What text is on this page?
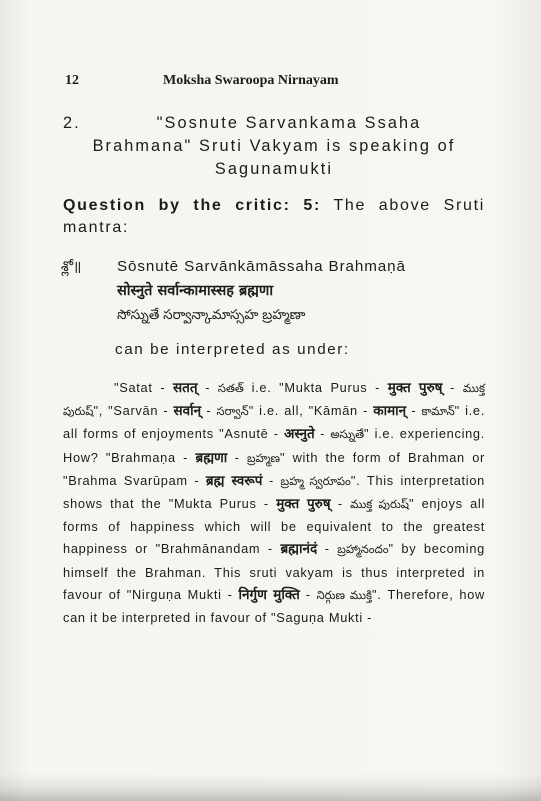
12	Moksha Swaroopa Nirnayam
2.	"Sosnute Sarvankama Ssaha
Brahmana" Sruti Vakyam is speaking of
Sagunamukti
Question by the critic: 5: The above Sruti mantra:
శ్లో॥ Sōsnutē Sarvānkāmāssaha Brahmaṇā
सोस्नुते सर्वान्कामास्सह ब्रह्मणा
సోస్నుతే సర్వాన్కామాస్సహ బ్రహ్మణా
can be interpreted as under:
"Satat - सतत् - సతత్ i.e. "Mukta Purus - मुक्त पुरुष् - ముక్త పురుష్", "Sarvān - सर्वान् - సర్వాన్" i.e. all, "Kāmān - कामान् - కామాన్" i.e. all forms of enjoyments "Asnutē - अस्नुते - అస్నుతే" i.e. experiencing. How? "Brahmaṇa - ब्रह्मणा - బ్రహ్మణ" with the form of Brahman or "Brahma Svarūpam - ब्रह्म स्वरूपं - బ్రహ్మ స్వరూపం". This interpretation shows that the "Mukta Purus - मुक्त पुरुष् - ముక్త పురుష్" enjoys all forms of happiness which will be equivalent to the greatest happiness or "Brahmānandam - ब्रह्मानंदं - బ్రహ్మానందం" by becoming himself the Brahman. This sruti vakyam is thus interpreted in favour of "Nirguṇa Mukti - निर्गुण मुक्ति - నిర్గుణ ముక్తి". Therefore, how can it be interpreted in favour of "Saguṇa Mukti -
